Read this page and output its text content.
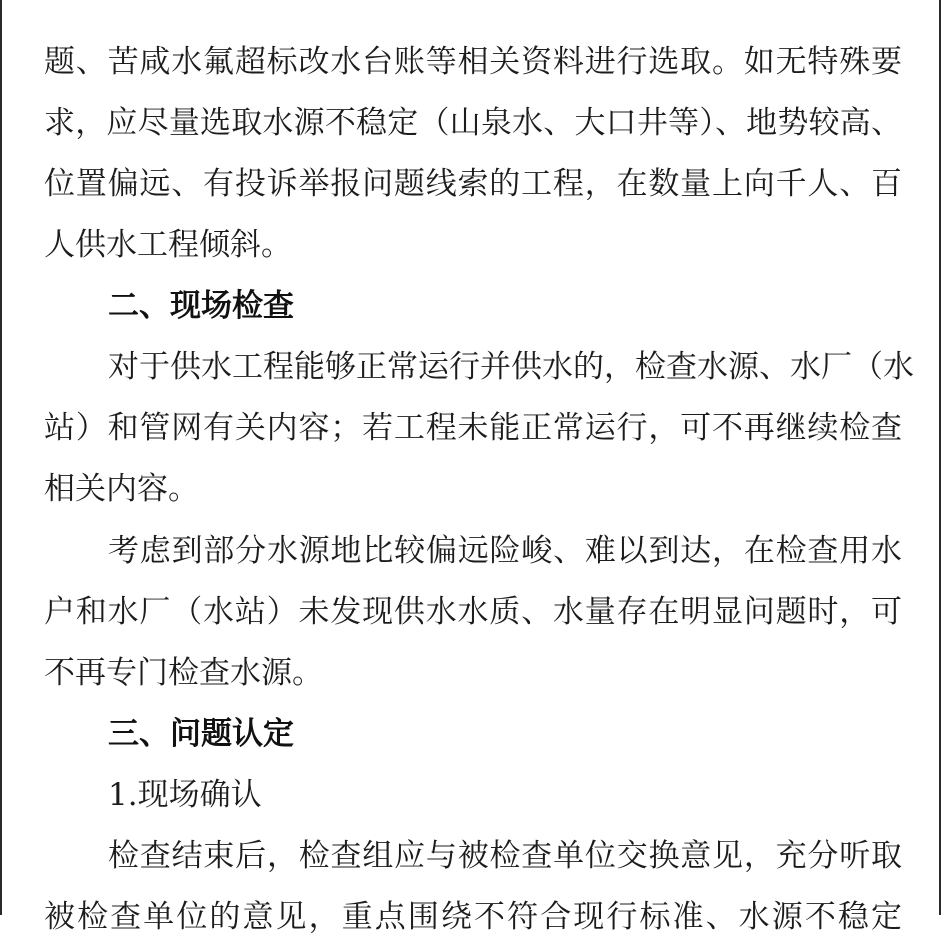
题、苦咸水氟超标改水台账等相关资料进行选取。如无特殊要
求，应尽量选取水源不稳定（山泉水、大口井等）、地势较高、
位置偏远、有投诉举报问题线索的工程，在数量上向千人、百
人供水工程倾斜。
二、现场检查
对于供水工程能够正常运行并供水的，检查水源、水厂（水
站）和管网有关内容；若工程未能正常运行，可不再继续检查
相关内容。
考虑到部分水源地比较偏远险峻、难以到达，在检查用水
户和水厂（水站）未发现供水水质、水量存在明显问题时，可
不再专门检查水源。
三、问题认定
1.现场确认
检查结束后，检查组应与被检查单位交换意见，充分听取
被检查单位的意见，重点围绕不符合现行标准、水源不稳定
